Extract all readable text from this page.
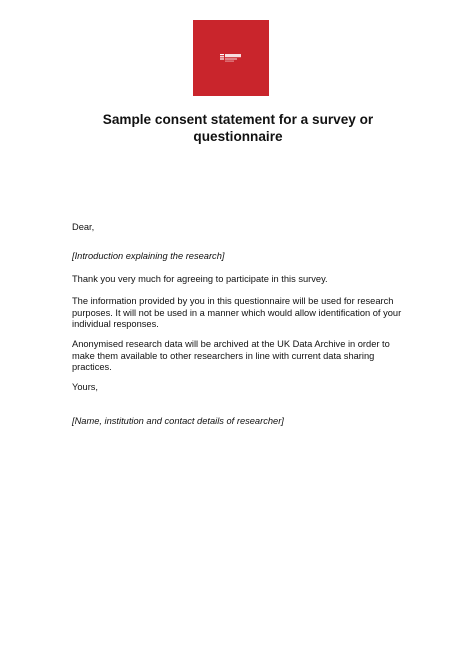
Sample consent statement for a survey or questionnaire
Dear,
[Introduction explaining the research]
Thank you very much for agreeing to participate in this survey.
The information provided by you in this questionnaire will be used for research purposes. It will not be used in a manner which would allow identification of your individual responses.
Anonymised research data will be archived at the UK Data Archive in order to make them available to other researchers in line with current data sharing practices.
Yours,
[Name, institution and contact details of researcher]
